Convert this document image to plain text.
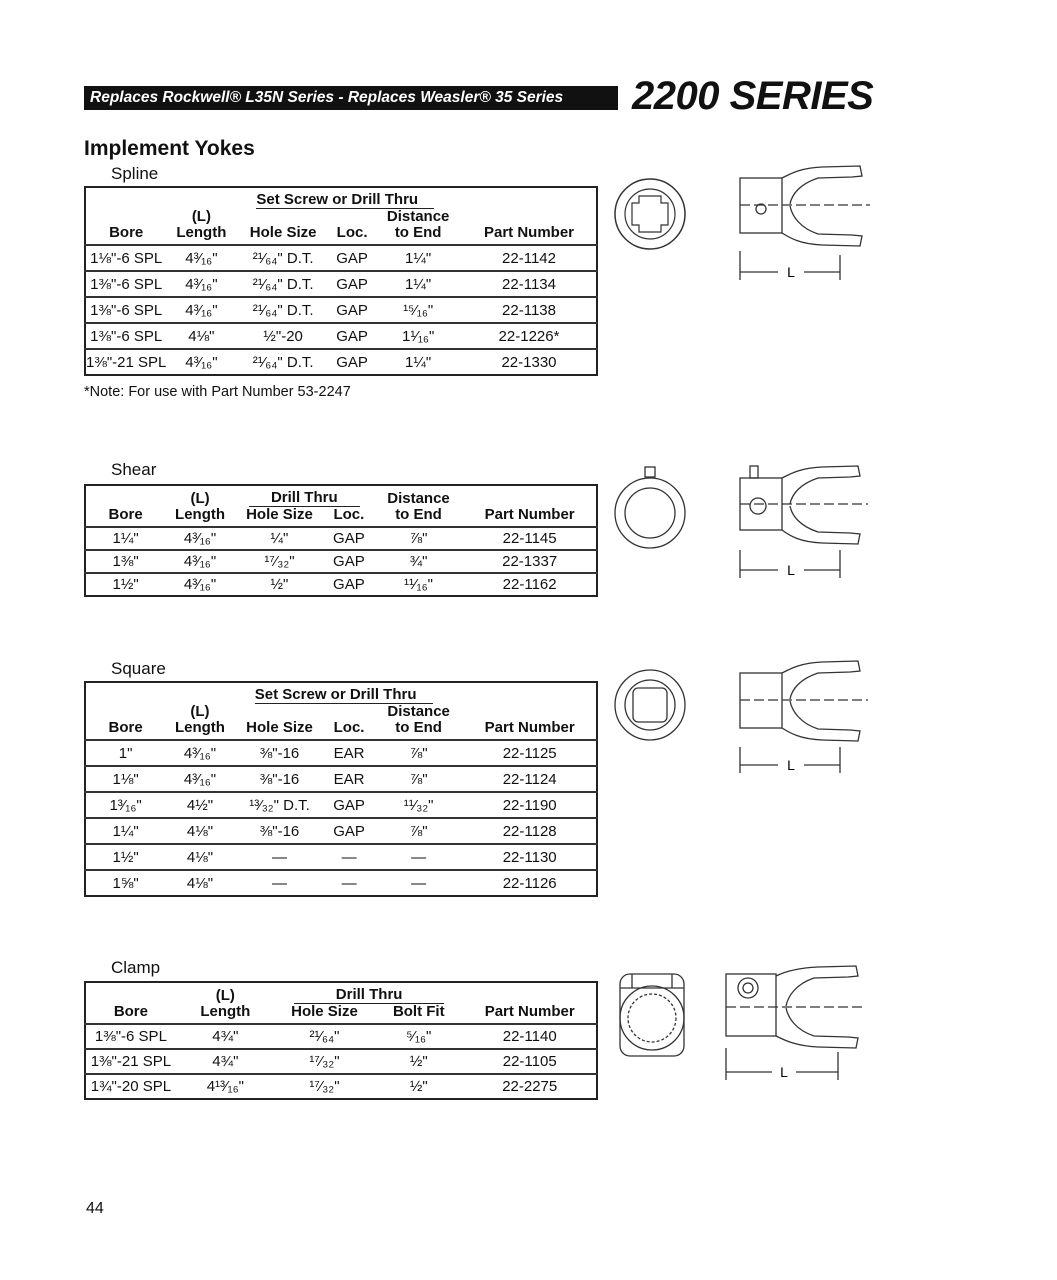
Replaces Rockwell® L35N Series - Replaces Weasler® 35 Series	2200 SERIES
Implement Yokes
Spline
		Set Screw or Drill Thru			
	(L)			Distance	
Bore	Length	Hole Size	Loc.	to End	Part Number
1⅛"-6 SPL	4³⁄₁₆"	²¹⁄₆₄" D.T.	GAP	1¼"	22-1142
1⅜"-6 SPL	4³⁄₁₆"	²¹⁄₆₄" D.T.	GAP	1¼"	22-1134
1⅜"-6 SPL	4³⁄₁₆"	²¹⁄₆₄" D.T.	GAP	¹⁵⁄₁₆"	22-1138
1⅜"-6 SPL	4⅛"	½"-20	GAP	1¹⁄₁₆"	22-1226*
1⅜"-21 SPL	4³⁄₁₆"	²¹⁄₆₄" D.T.	GAP	1¼"	22-1330
*Note: For use with Part Number 53-2247
L
Shear
	(L)	Drill Thru		Distance	
Bore	Length	Hole Size	Loc.	to End	Part Number
1¼"	4³⁄₁₆"	¼"	GAP	⅞"	22-1145
1⅜"	4³⁄₁₆"	¹⁷⁄₃₂"	GAP	¾"	22-1337
1½"	4³⁄₁₆"	½"	GAP	¹¹⁄₁₆"	22-1162
L
Square
		Set Screw or Drill Thru			
	(L)			Distance	
Bore	Length	Hole Size	Loc.	to End	Part Number
1"	4³⁄₁₆"	⅜"-16	EAR	⅞"	22-1125
1⅛"	4³⁄₁₆"	⅜"-16	EAR	⅞"	22-1124
1³⁄₁₆"	4½"	¹³⁄₃₂" D.T.	GAP	¹¹⁄₃₂"	22-1190
1¼"	4⅛"	⅜"-16	GAP	⅞"	22-1128
1½"	4⅛"	—	—	—	22-1130
1⅝"	4⅛"	—	—	—	22-1126
L
Clamp
	(L)	Drill Thru		
Bore	Length	Hole Size	Bolt Fit	Part Number
1⅜"-6 SPL	4¾"	²¹⁄₆₄"	⁵⁄₁₆"	22-1140
1⅜"-21 SPL	4¾"	¹⁷⁄₃₂"	½"	22-1105
1¾"-20 SPL	4¹³⁄₁₆"	¹⁷⁄₃₂"	½"	22-2275
L
44
